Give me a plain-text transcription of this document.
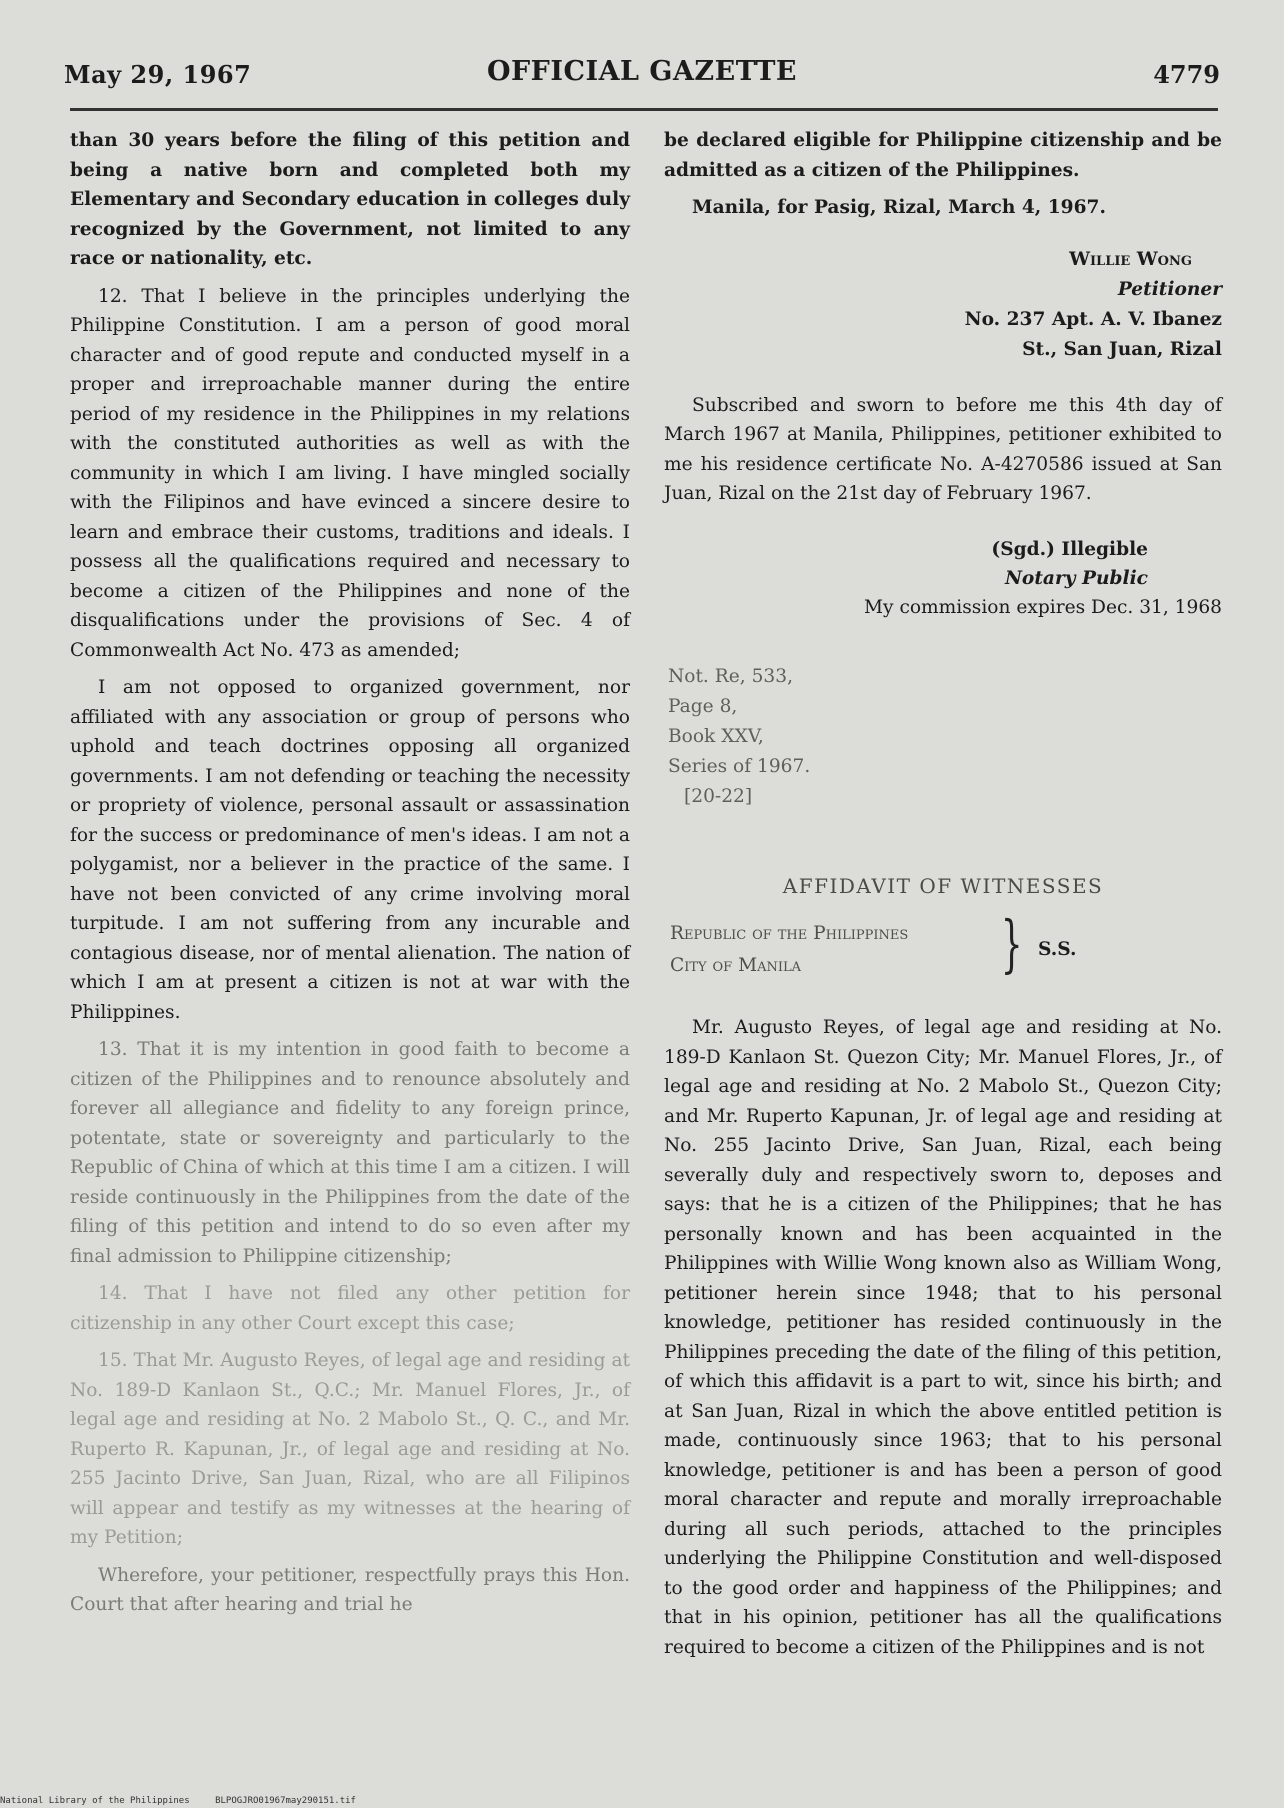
May 29, 1967	OFFICIAL GAZETTE	4779

than 30 years before the filing of this petition and being a native born and completed both my Elementary and Secondary education in colleges duly recognized by the Government, not limited to any race or nationality, etc.

12. That I believe in the principles underlying the Philippine Constitution. I am a person of good moral character and of good repute and conducted myself in a proper and irreproachable manner during the entire period of my residence in the Philippines in my relations with the constituted authorities as well as with the community in which I am living. I have mingled socially with the Filipinos and have evinced a sincere desire to learn and embrace their customs, traditions and ideals. I possess all the qualifications required and necessary to become a citizen of the Philippines and none of the disqualifications under the provisions of Sec. 4 of Commonwealth Act No. 473 as amended;

I am not opposed to organized government, nor affiliated with any association or group of persons who uphold and teach doctrines opposing all organized governments. I am not defending or teaching the necessity or propriety of violence, personal assault or assassination for the success or predominance of men's ideas. I am not a polygamist, nor a believer in the practice of the same. I have not been convicted of any crime involving moral turpitude. I am not suffering from any incurable and contagious disease, nor of mental alienation. The nation of which I am at present a citizen is not at war with the Philippines.

13. That it is my intention in good faith to become a citizen of the Philippines and to renounce absolutely and forever all allegiance and fidelity to any foreign prince, potentate, state or sovereignty and particularly to the Republic of China of which at this time I am a citizen. I will reside continuously in the Philippines from the date of the filing of this petition and intend to do so even after my final admission to Philippine citizenship;

14. That I have not filed any other petition for citizenship in any other Court except this case;

15. That Mr. Augusto Reyes, of legal age and residing at No. 189-D Kanlaon St., Q.C.; Mr. Manuel Flores, Jr., of legal age and residing at No. 2 Mabolo St., Q. C., and Mr. Ruperto R. Kapunan, Jr., of legal age and residing at No. 255 Jacinto Drive, San Juan, Rizal, who are all Filipinos will appear and testify as my witnesses at the hearing of my Petition;

Wherefore, your petitioner, respectfully prays this Hon. Court that after hearing and trial he

be declared eligible for Philippine citizenship and be admitted as a citizen of the Philippines.

Manila, for Pasig, Rizal, March 4, 1967.

Willie Wong
Petitioner
No. 237 Apt. A. V. Ibanez
St., San Juan, Rizal

Subscribed and sworn to before me this 4th day of March 1967 at Manila, Philippines, petitioner exhibited to me his residence certificate No. A-4270586 issued at San Juan, Rizal on the 21st day of February 1967.

(Sgd.) Illegible
Notary Public
My commission expires Dec. 31, 1968
Not. Re, 533,
Page 8,
Book XXV,
Series of 1967.
[20-22]
AFFIDAVIT OF WITNESSES
Republic of the Philippines
City of Manila	} S.S.

Mr. Augusto Reyes, of legal age and residing at No. 189-D Kanlaon St. Quezon City; Mr. Manuel Flores, Jr., of legal age and residing at No. 2 Mabolo St., Quezon City; and Mr. Ruperto Kapunan, Jr. of legal age and residing at No. 255 Jacinto Drive, San Juan, Rizal, each being severally duly and respectively sworn to, deposes and says: that he is a citizen of the Philippines; that he has personally known and has been acquainted in the Philippines with Willie Wong known also as William Wong, petitioner herein since 1948; that to his personal knowledge, petitioner has resided continuously in the Philippines preceding the date of the filing of this petition, of which this affidavit is a part to wit, since his birth; and at San Juan, Rizal in which the above entitled petition is made, continuously since 1963; that to his personal knowledge, petitioner is and has been a person of good moral character and repute and morally irreproachable during all such periods, attached to the principles underlying the Philippine Constitution and well-disposed to the good order and happiness of the Philippines; and that in his opinion, petitioner has all the qualifications required to become a citizen of the Philippines and is not

National Library of the Philippines	BLPOGJRO01967may290151.tif
